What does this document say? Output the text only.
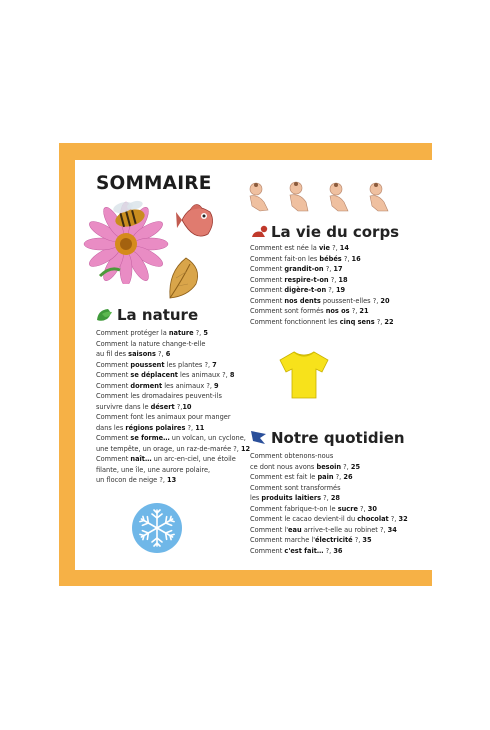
SOMMAIRE
La nature
Comment protéger la nature ?, 5
Comment la nature change-t-elle
au fil des saisons ?, 6
Comment poussent les plantes ?, 7
Comment se déplacent les animaux ?, 8
Comment dorment les animaux ?, 9
Comment les dromadaires peuvent-ils
survivre dans le désert ?,10
Comment font les animaux pour manger
dans les régions polaires ?, 11
Comment se forme… un volcan, un cyclone,
une tempête, un orage, un raz-de-marée ?, 12
Comment naît… un arc-en-ciel, une étoile
filante, une île, une aurore polaire,
un flocon de neige ?, 13
La vie du corps
Comment est née la vie ?, 14
Comment fait-on les bébés ?, 16
Comment grandit-on ?, 17
Comment respire-t-on ?, 18
Comment digère-t-on ?, 19
Comment nos dents poussent-elles ?, 20
Comment sont formés nos os ?, 21
Comment fonctionnent les cinq sens ?, 22
Notre quotidien
Comment obtenons-nous
ce dont nous avons besoin ?, 25
Comment est fait le pain ?, 26
Comment sont transformés
les produits laitiers ?, 28
Comment fabrique-t-on le sucre ?, 30
Comment le cacao devient-il du chocolat ?, 32
Comment l'eau arrive-t-elle au robinet ?, 34
Comment marche l'électricité ?, 35
Comment c'est fait… ?, 36
